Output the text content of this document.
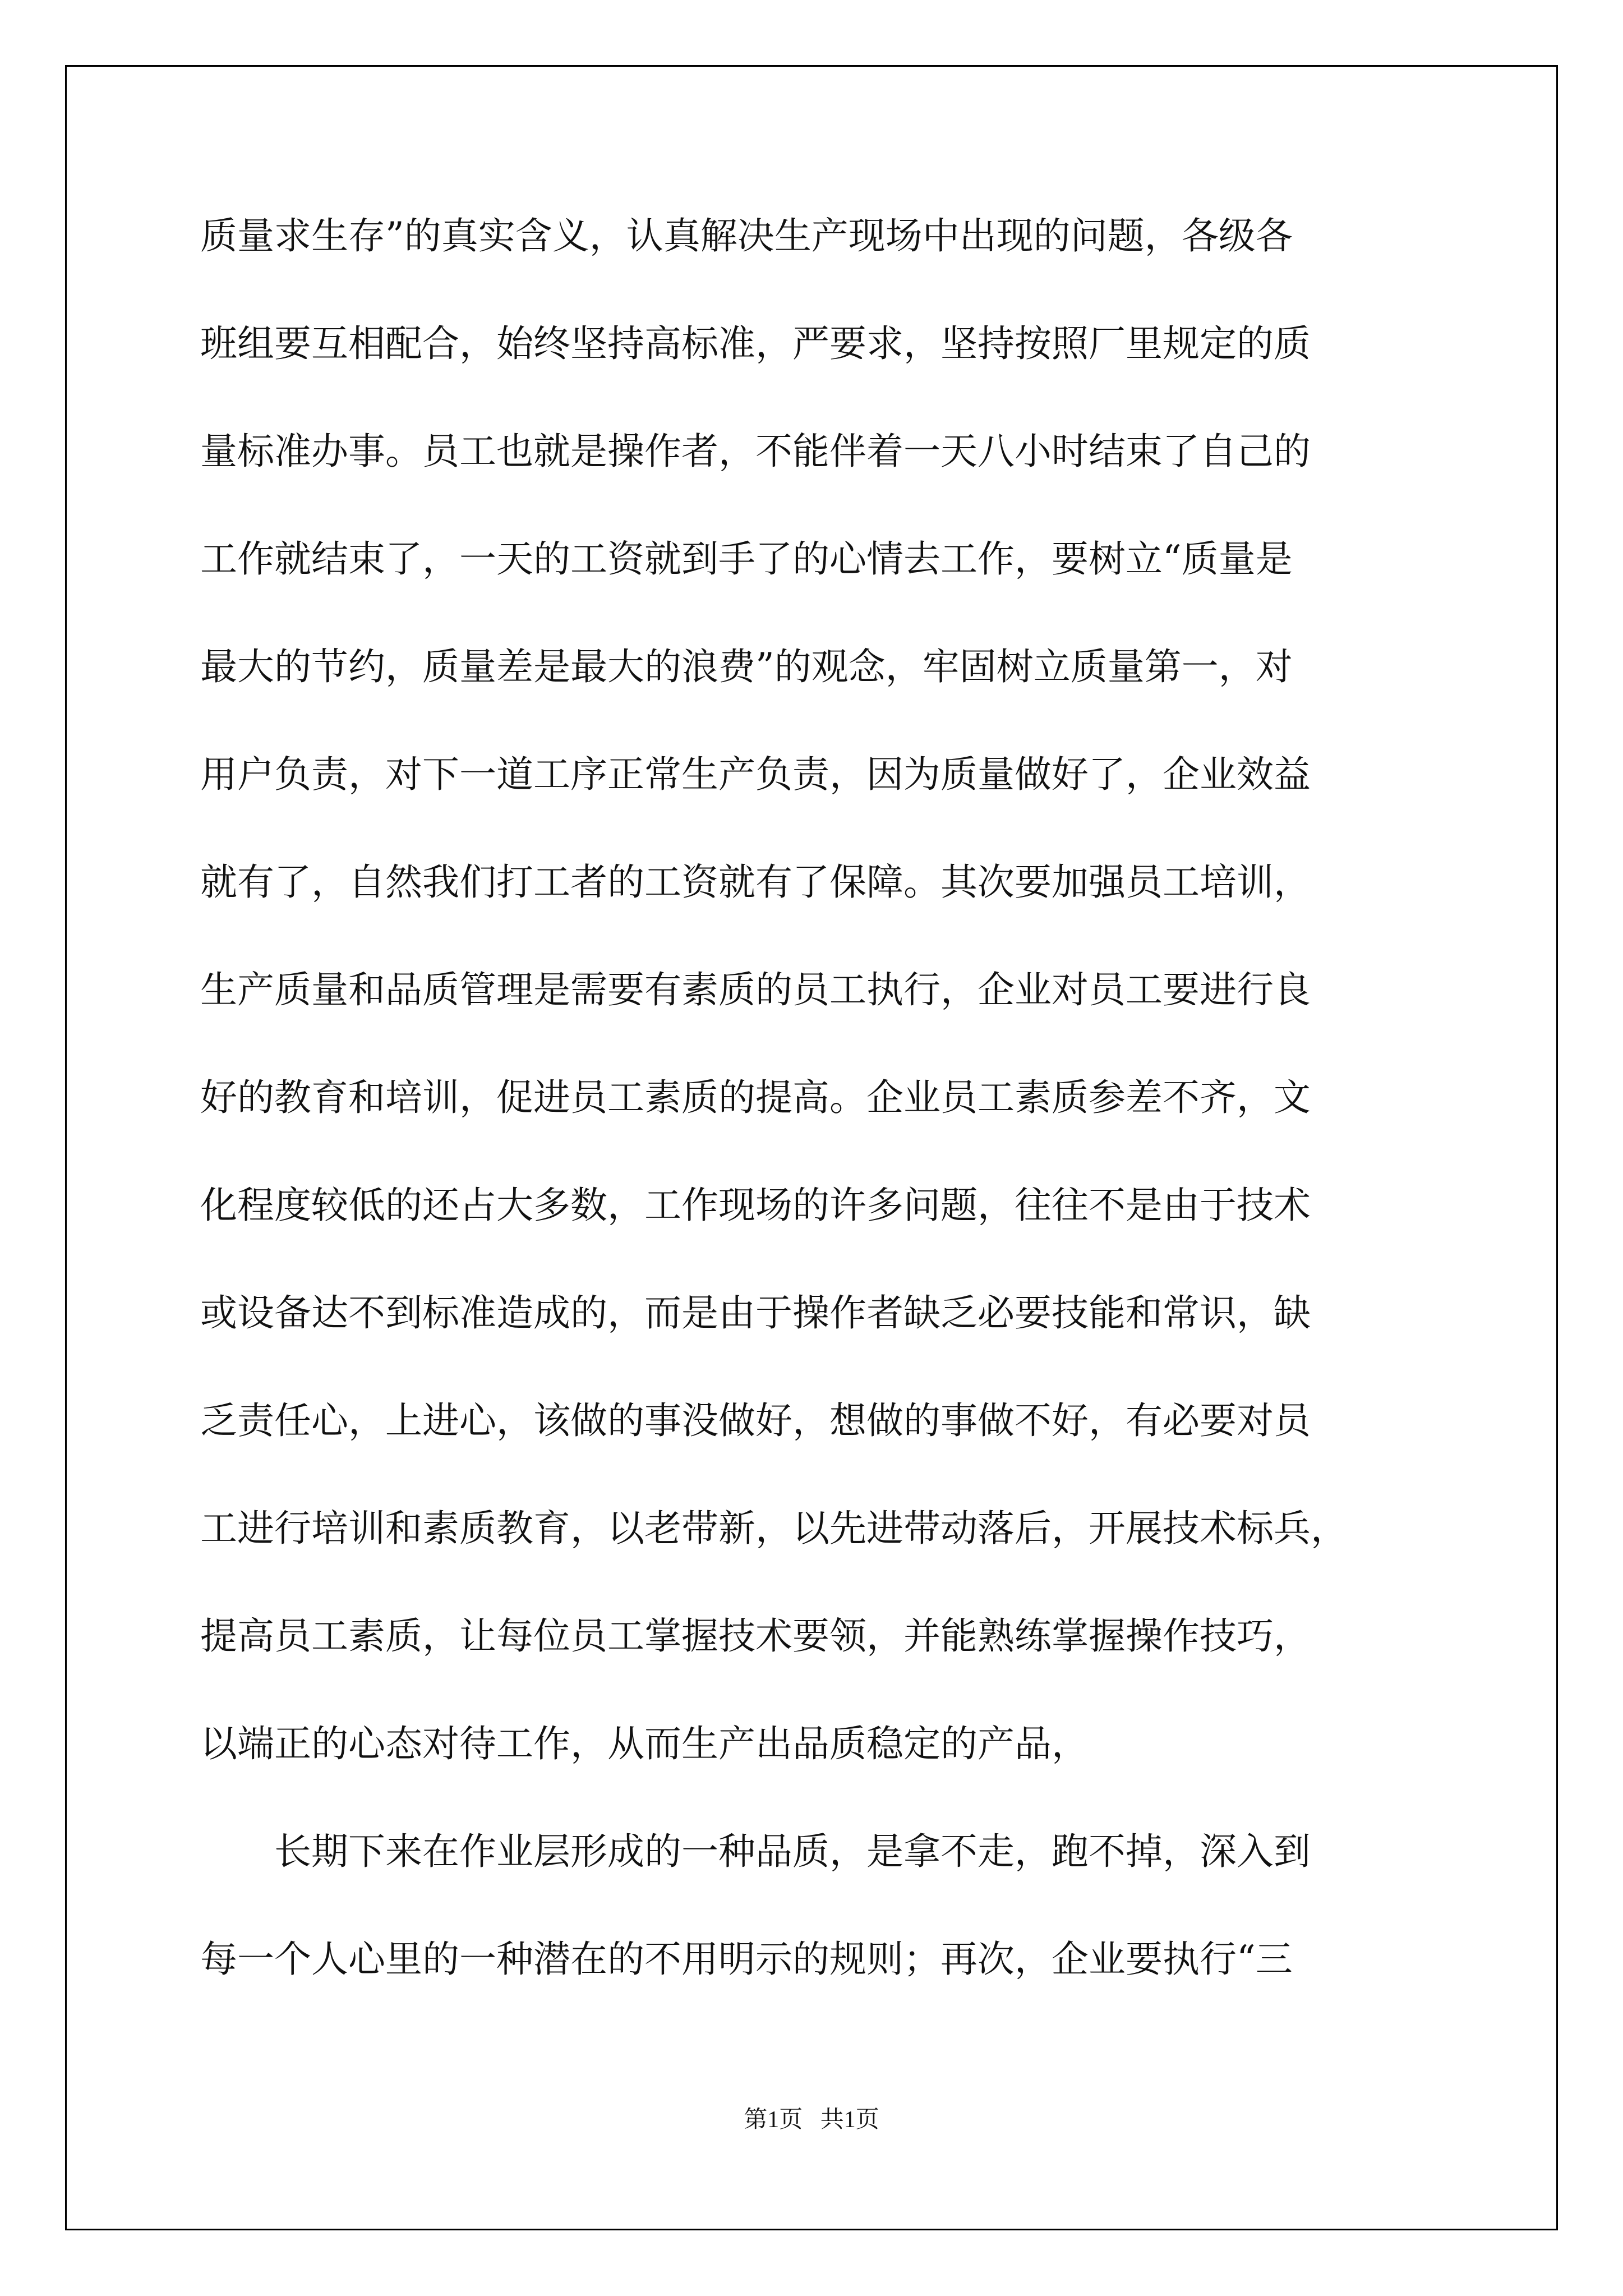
质量求生存”的真实含义，认真解决生产现场中出现的问题，各级各
班组要互相配合，始终坚持高标准，严要求，坚持按照厂里规定的质
量标准办事。员工也就是操作者，不能伴着一天八小时结束了自己的
工作就结束了，一天的工资就到手了的心情去工作，要树立“质量是
最大的节约，质量差是最大的浪费”的观念，牢固树立质量第一，对
用户负责，对下一道工序正常生产负责，因为质量做好了，企业效益
就有了，自然我们打工者的工资就有了保障。其次要加强员工培训，
生产质量和品质管理是需要有素质的员工执行，企业对员工要进行良
好的教育和培训，促进员工素质的提高。企业员工素质参差不齐，文
化程度较低的还占大多数，工作现场的许多问题，往往不是由于技术
或设备达不到标准造成的，而是由于操作者缺乏必要技能和常识，缺
乏责任心，上进心，该做的事没做好，想做的事做不好，有必要对员
工进行培训和素质教育，以老带新，以先进带动落后，开展技术标兵，
提高员工素质，让每位员工掌握技术要领，并能熟练掌握操作技巧，
以端正的心态对待工作，从而生产出品质稳定的产品，
长期下来在作业层形成的一种品质，是拿不走，跑不掉，深入到
每一个人心里的一种潜在的不用明示的规则；再次，企业要执行“三
第1页 共1页
